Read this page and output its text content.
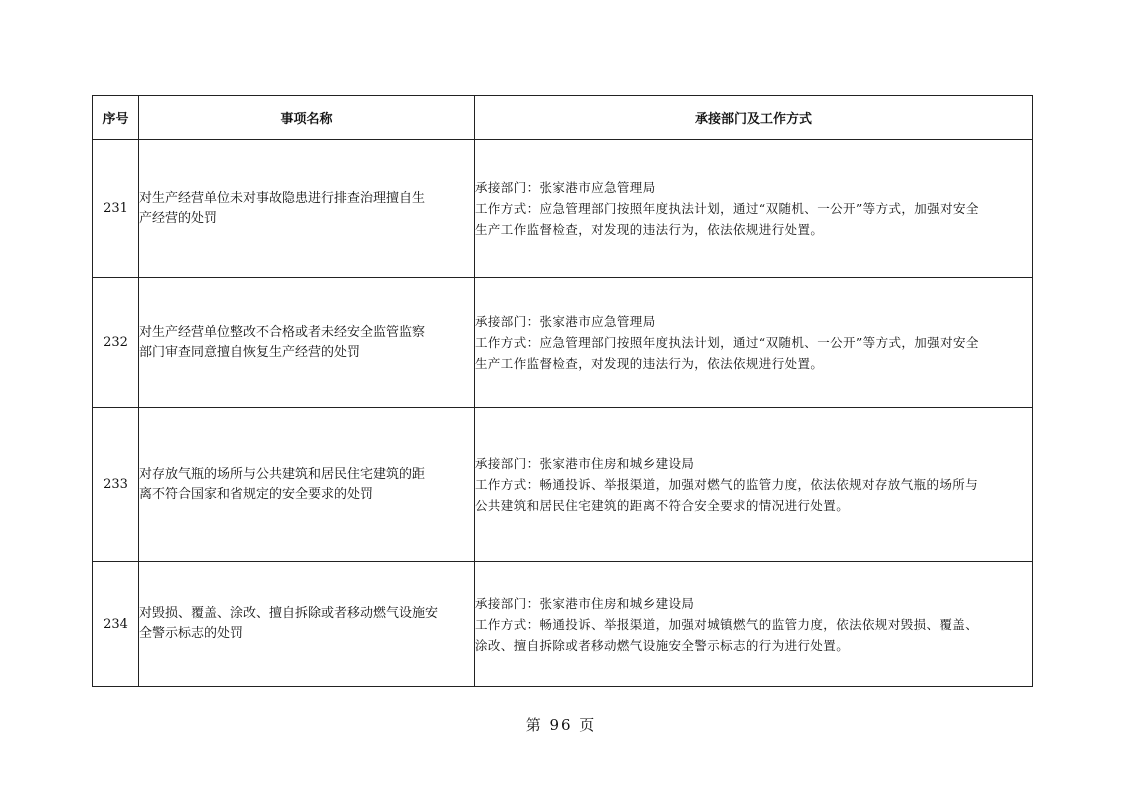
序号	事项名称	承接部门及工作方式
231	对生产经营单位未对事故隐患进行排查治理擅自生
产经营的处罚	承接部门：张家港市应急管理局
工作方式：应急管理部门按照年度执法计划，通过“双随机、一公开”等方式，加强对安全
生产工作监督检查，对发现的违法行为，依法依规进行处置。

232	对生产经营单位整改不合格或者未经安全监管监察
部门审查同意擅自恢复生产经营的处罚	承接部门：张家港市应急管理局
工作方式：应急管理部门按照年度执法计划，通过“双随机、一公开”等方式，加强对安全
生产工作监督检查，对发现的违法行为，依法依规进行处置。

233	对存放气瓶的场所与公共建筑和居民住宅建筑的距
离不符合国家和省规定的安全要求的处罚	承接部门：张家港市住房和城乡建设局
工作方式：畅通投诉、举报渠道，加强对燃气的监管力度，依法依规对存放气瓶的场所与
公共建筑和居民住宅建筑的距离不符合安全要求的情况进行处置。

234	对毁损、覆盖、涂改、擅自拆除或者移动燃气设施安
全警示标志的处罚	承接部门：张家港市住房和城乡建设局
工作方式：畅通投诉、举报渠道，加强对城镇燃气的监管力度，依法依规对毁损、覆盖、
涂改、擅自拆除或者移动燃气设施安全警示标志的行为进行处置。
第 96 页
